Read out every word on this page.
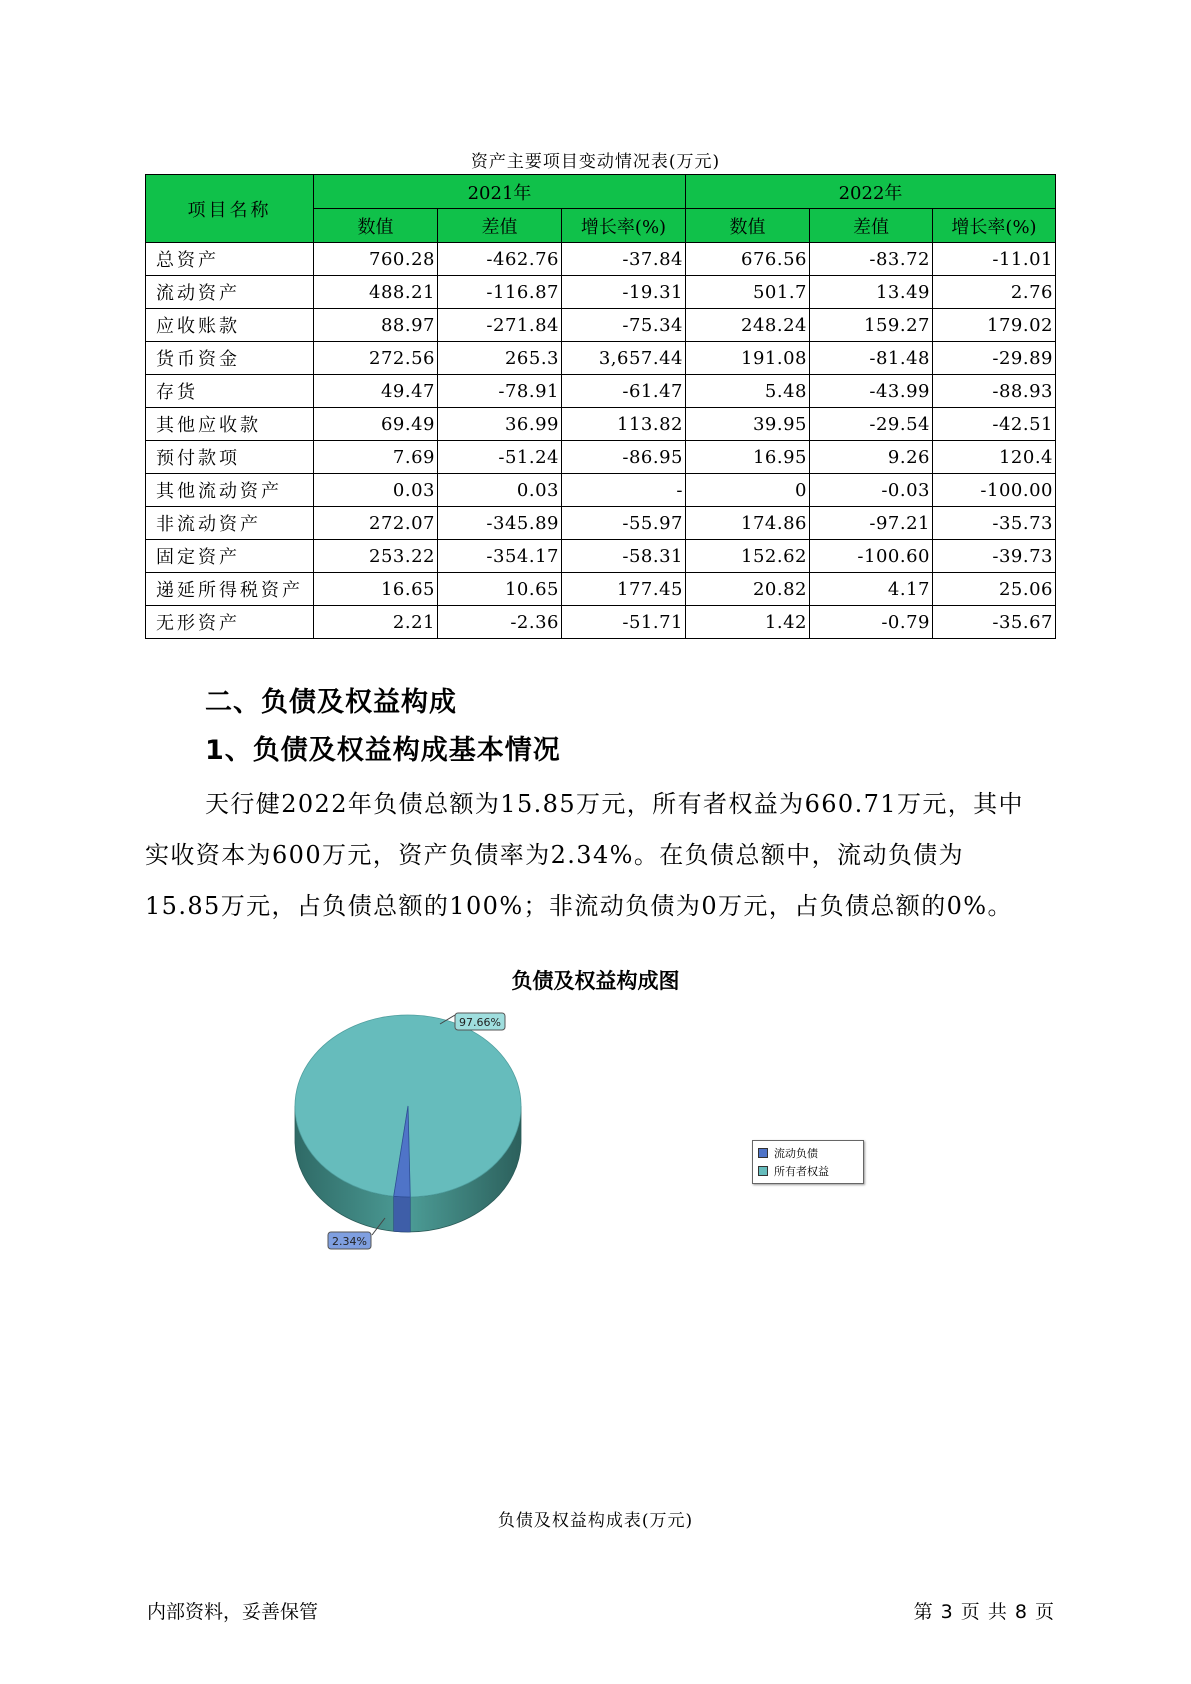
资产主要项目变动情况表(万元)
项目名称	2021年			2022年		
	数值	差值	增长率(%)	数值	差值	增长率(%)
总资产	760.28	-462.76	-37.84	676.56	-83.72	-11.01
流动资产	488.21	-116.87	-19.31	501.7	13.49	2.76
应收账款	88.97	-271.84	-75.34	248.24	159.27	179.02
货币资金	272.56	265.3	3,657.44	191.08	-81.48	-29.89
存货	49.47	-78.91	-61.47	5.48	-43.99	-88.93
其他应收款	69.49	36.99	113.82	39.95	-29.54	-42.51
预付款项	7.69	-51.24	-86.95	16.95	9.26	120.4
其他流动资产	0.03	0.03	-	0	-0.03	-100.00
非流动资产	272.07	-345.89	-55.97	174.86	-97.21	-35.73
固定资产	253.22	-354.17	-58.31	152.62	-100.60	-39.73
递延所得税资产	16.65	10.65	177.45	20.82	4.17	25.06
无形资产	2.21	-2.36	-51.71	1.42	-0.79	-35.67
二、负债及权益构成
1、负债及权益构成基本情况

天行健2022年负债总额为15.85万元，所有者权益为660.71万元，其中

实收资本为600万元，资产负债率为2.34%。在负债总额中，流动负债为

15.85万元，占负债总额的100%；非流动负债为0万元，占负债总额的0%。

负债及权益构成图
97.66%
2.34%
流动负债
所有者权益
负债及权益构成表(万元)
内部资料，妥善保管	第 3 页 共 8 页
